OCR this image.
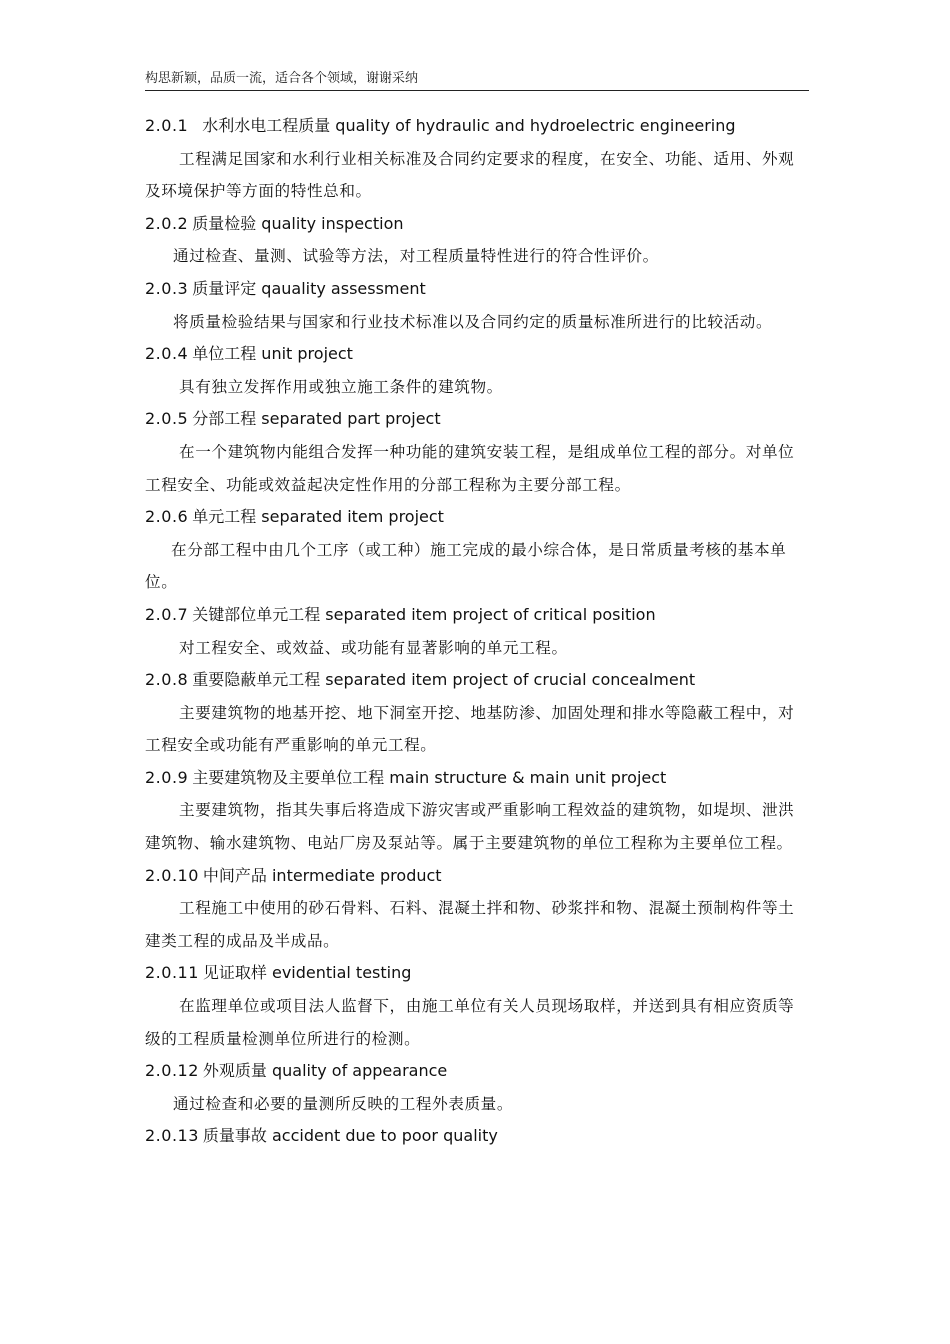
构思新颖，品质一流，适合各个领域，谢谢采纳
2.0.1 水利水电工程质量 quality of hydraulic and hydroelectric engineering
工程满足国家和水利行业相关标准及合同约定要求的程度，在安全、功能、适用、外观及环境保护等方面的特性总和。
2.0.2 质量检验 quality inspection
通过检查、量测、试验等方法，对工程质量特性进行的符合性评价。
2.0.3 质量评定 qauality assessment
将质量检验结果与国家和行业技术标准以及合同约定的质量标准所进行的比较活动。
2.0.4 单位工程 unit project
具有独立发挥作用或独立施工条件的建筑物。
2.0.5 分部工程 separated part project
在一个建筑物内能组合发挥一种功能的建筑安装工程，是组成单位工程的部分。对单位工程安全、功能或效益起决定性作用的分部工程称为主要分部工程。
2.0.6 单元工程 separated item project
在分部工程中由几个工序（或工种）施工完成的最小综合体，是日常质量考核的基本单位。
2.0.7 关键部位单元工程 separated item project of critical position
对工程安全、或效益、或功能有显著影响的单元工程。
2.0.8 重要隐蔽单元工程 separated item project of crucial concealment
主要建筑物的地基开挖、地下洞室开挖、地基防渗、加固处理和排水等隐蔽工程中，对工程安全或功能有严重影响的单元工程。
2.0.9 主要建筑物及主要单位工程 main structure & main unit project
主要建筑物，指其失事后将造成下游灾害或严重影响工程效益的建筑物，如堤坝、泄洪建筑物、输水建筑物、电站厂房及泵站等。属于主要建筑物的单位工程称为主要单位工程。
2.0.10 中间产品 intermediate product
工程施工中使用的砂石骨料、石料、混凝土拌和物、砂浆拌和物、混凝土预制构件等土建类工程的成品及半成品。
2.0.11 见证取样 evidential testing
在监理单位或项目法人监督下，由施工单位有关人员现场取样，并送到具有相应资质等级的工程质量检测单位所进行的检测。
2.0.12 外观质量 quality of appearance
通过检查和必要的量测所反映的工程外表质量。
2.0.13 质量事故 accident due to poor quality
